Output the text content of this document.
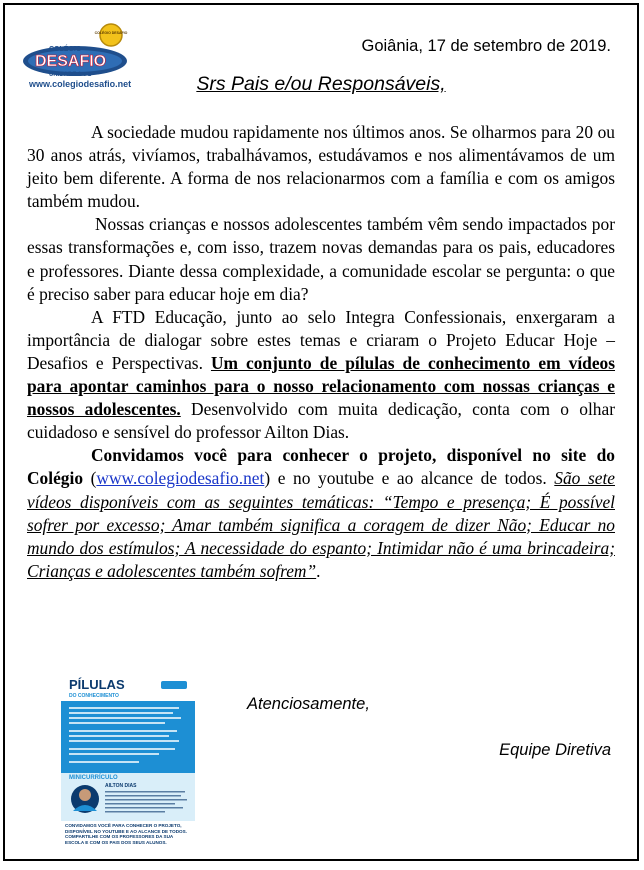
COLÉGIO DESAFIO
COLÉGIO
DESAFIO
UNIDADE 1 e 2
www.colegiodesafio.net
Goiânia, 17 de setembro de 2019.
Srs Pais e/ou Responsáveis,

A sociedade mudou rapidamente nos últimos anos. Se olharmos para 20 ou 30 anos atrás, vivíamos, trabalhávamos, estudávamos e nos alimentávamos de um jeito bem diferente. A forma de nos relacionarmos com a família e com os amigos também mudou.

Nossas crianças e nossos adolescentes também vêm sendo impactados por essas transformações e, com isso, trazem novas demandas para os pais, educadores e professores. Diante dessa complexidade, a comunidade escolar se pergunta: o que é preciso saber para educar hoje em dia?

A FTD Educação, junto ao selo Integra Confessionais, enxergaram a importância de dialogar sobre estes temas e criaram o Projeto Educar Hoje – Desafios e Perspectivas. Um conjunto de pílulas de conhecimento em vídeos para apontar caminhos para o nosso relacionamento com nossas crianças e nossos adolescentes. Desenvolvido com muita dedicação, conta com o olhar cuidadoso e sensível do professor Ailton Dias.

Convidamos você para conhecer o projeto, disponível no site do Colégio (www.colegiodesafio.net) e no youtube e ao alcance de todos. São sete vídeos disponíveis com as seguintes temáticas: “Tempo e presença; É possível sofrer por excesso; Amar também significa a coragem de dizer Não; Educar no mundo dos estímulos; A necessidade do espanto; Intimidar não é uma brincadeira; Crianças e adolescentes também sofrem”.

PÍLULAS
DO CONHECIMENTO
MINICURRÍCULO
AILTON DIAS
CONVIDAMOS VOCÊ PARA CONHECER O PROJETO, DISPONÍVEL NO YOUTUBE E AO ALCANCE DE TODOS. COMPARTILHE COM OS PROFESSORES DA SUA ESCOLA E COM OS PAIS DOS SEUS ALUNOS.
Atenciosamente,
Equipe Diretiva
